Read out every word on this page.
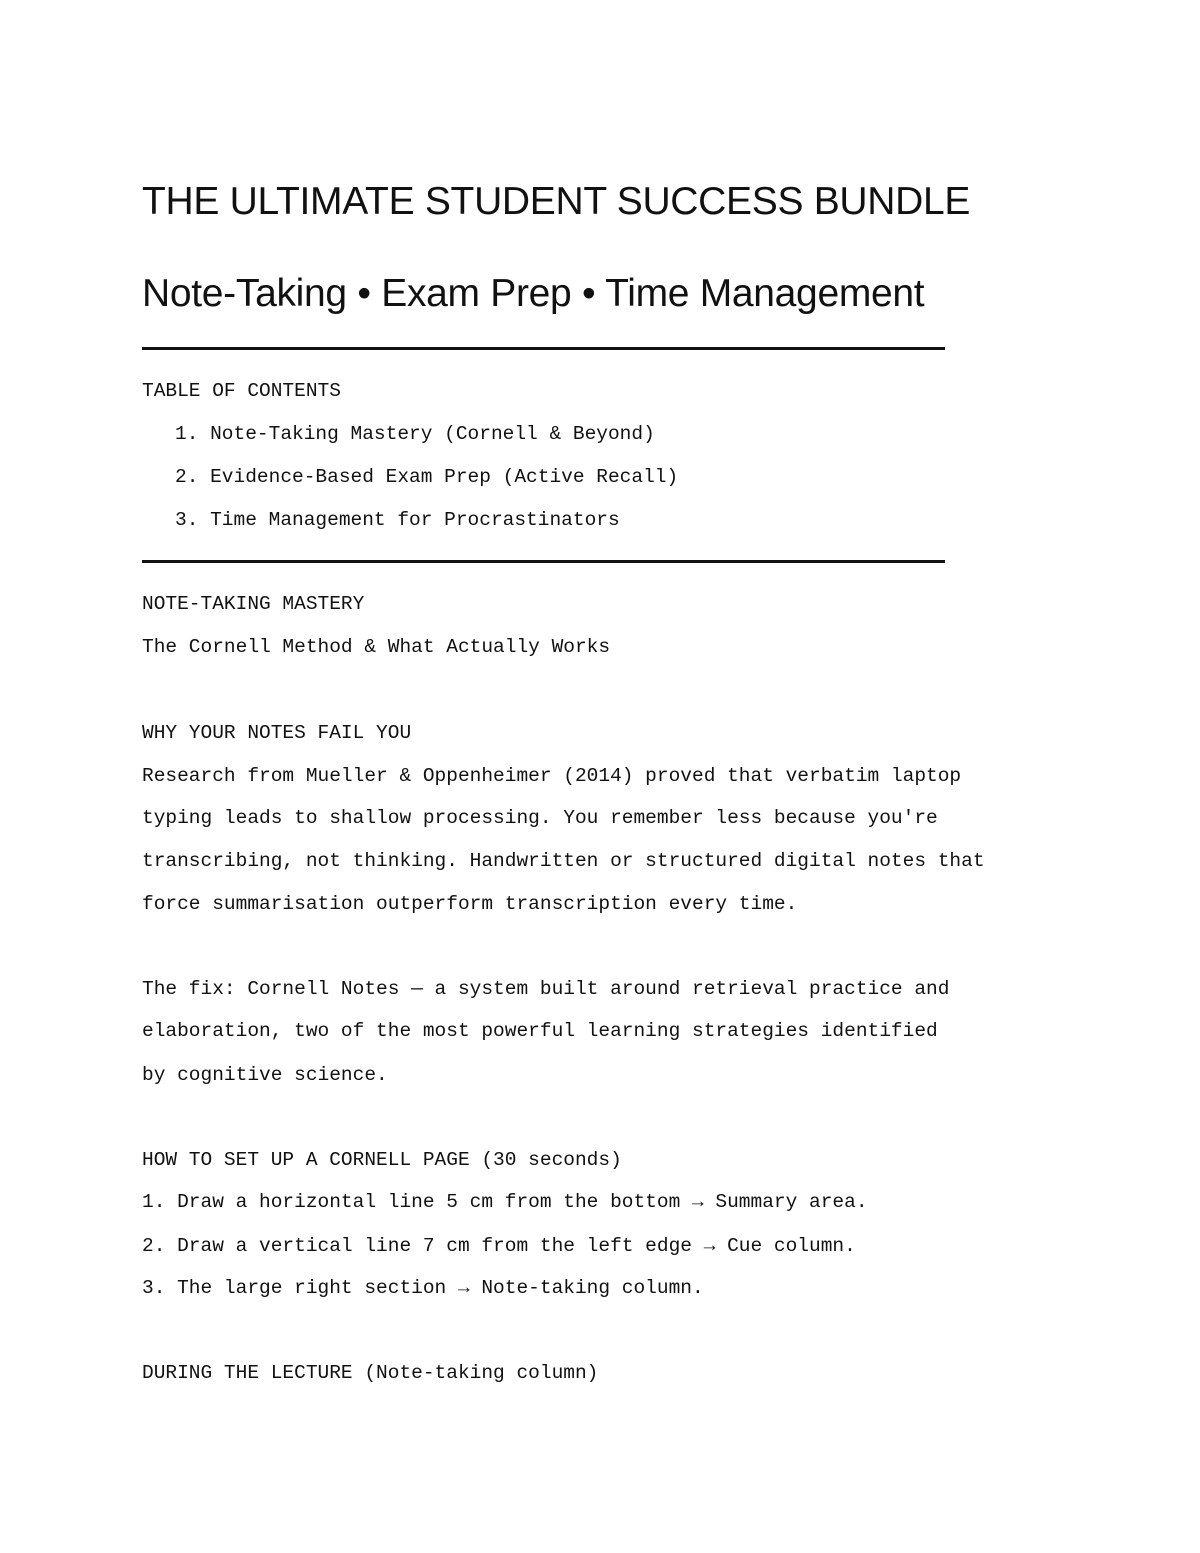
THE ULTIMATE STUDENT SUCCESS BUNDLE
Note-Taking • Exam Prep • Time Management

TABLE OF CONTENTS

1. Note-Taking Mastery (Cornell & Beyond)

2. Evidence-Based Exam Prep (Active Recall)

3. Time Management for Procrastinators

NOTE-TAKING MASTERY

The Cornell Method & What Actually Works

WHY YOUR NOTES FAIL YOU

Research from Mueller & Oppenheimer (2014) proved that verbatim laptop

typing leads to shallow processing. You remember less because you're

transcribing, not thinking. Handwritten or structured digital notes that

force summarisation outperform transcription every time.

The fix: Cornell Notes — a system built around retrieval practice and

elaboration, two of the most powerful learning strategies identified

by cognitive science.

HOW TO SET UP A CORNELL PAGE (30 seconds)

1. Draw a horizontal line 5 cm from the bottom → Summary area.

2. Draw a vertical line 7 cm from the left edge → Cue column.

3. The large right section → Note-taking column.

DURING THE LECTURE (Note-taking column)
